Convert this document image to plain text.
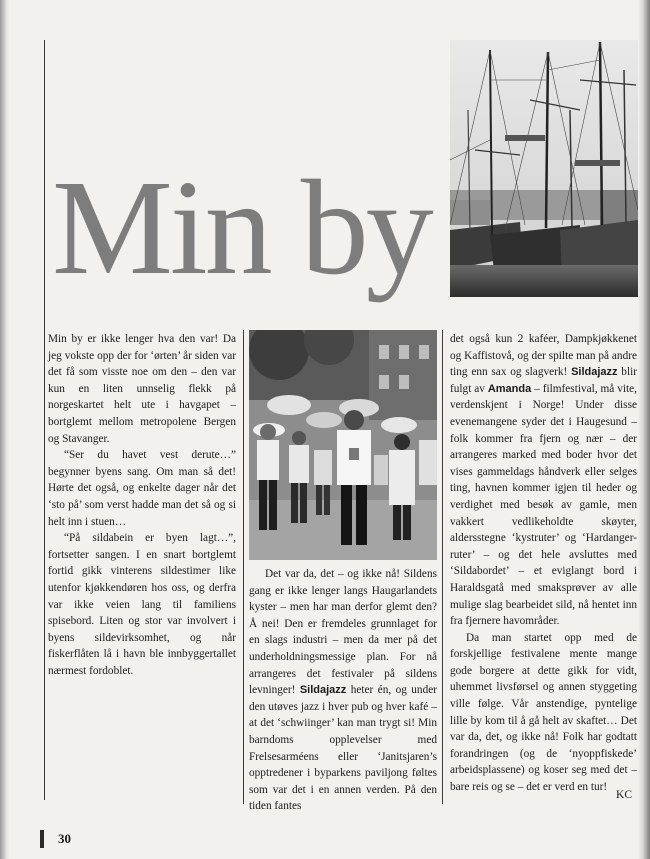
Min by

Min by er ikke lenger hva den var! Da jeg vokste opp der for ‘ørten’ år siden var det få som visste noe om den – den var kun en liten unnselig flekk på norgeskartet helt ute i havgapet – bortglemt mellom metropolene Bergen og Stavanger.

“Ser du havet vest derute…” begynner byens sang. Om man så det! Hørte det også, og enkelte dager når det ‘sto på’ som verst hadde man det så og si helt inn i stuen…

“På sildabein er byen lagt…”, fortsetter sangen. I en snart bortglemt fortid gikk vinterens sildestimer like utenfor kjøkkendøren hos oss, og derfra var ikke veien lang til familiens spisebord. Liten og stor var involvert i byens sildevirksomhet, og når fiskerflåten lå i havn ble innbyggertallet nærmest fordoblet.

Det var da, det – og ikke nå! Sildens gang er ikke lenger langs Haugarlandets kyster – men har man derfor glemt den? Å nei! Den er fremdeles grunnlaget for en slags industri – men da mer på det underholdningsmessige plan. For nå arrangeres det festivaler på sildens levninger! Sildajazz heter én, og under den utøves jazz i hver pub og hver kafé – at det ‘schwiinger’ kan man trygt si! Min barndoms opplevelser med Frelsesarméens eller ‘Janitsjaren’s opptredener i byparkens paviljong føltes som var det i en annen verden. På den tiden fantes

det også kun 2 kaféer, Dampkjøkkenet og Kaffistovå, og der spilte man på andre ting enn sax og slagverk! Sildajazz blir fulgt av Amanda – filmfestival, må vite, verdenskjent i Norge! Under disse evenemangene syder det i Haugesund – folk kommer fra fjern og nær – der arrangeres marked med boder hvor det vises gammeldags håndverk eller selges ting, havnen kommer igjen til heder og verdighet med besøk av gamle, men vakkert vedlikeholdte skøyter, aldersstegne ‘kystruter’ og ‘Hardanger-ruter’ – og det hele avsluttes med ‘Sildabordet’ – et eviglangt bord i Haraldsgatå med smaksprøver av alle mulige slag bearbeidet sild, nå hentet inn fra fjernere havområder.

Da man startet opp med de forskjellige festivalene mente mange gode borgere at dette gikk for vidt, uhemmet livsførsel og annen styggeting ville følge. Vår anstendige, pyntelige lille by kom til å gå helt av skaftet… Det var da, det, og ikke nå! Folk har godtatt forandringen (og de ‘nyoppfiskede’ arbeidsplassene) og koser seg med det – bare reis og se – det er verd en tur!

KC
30
